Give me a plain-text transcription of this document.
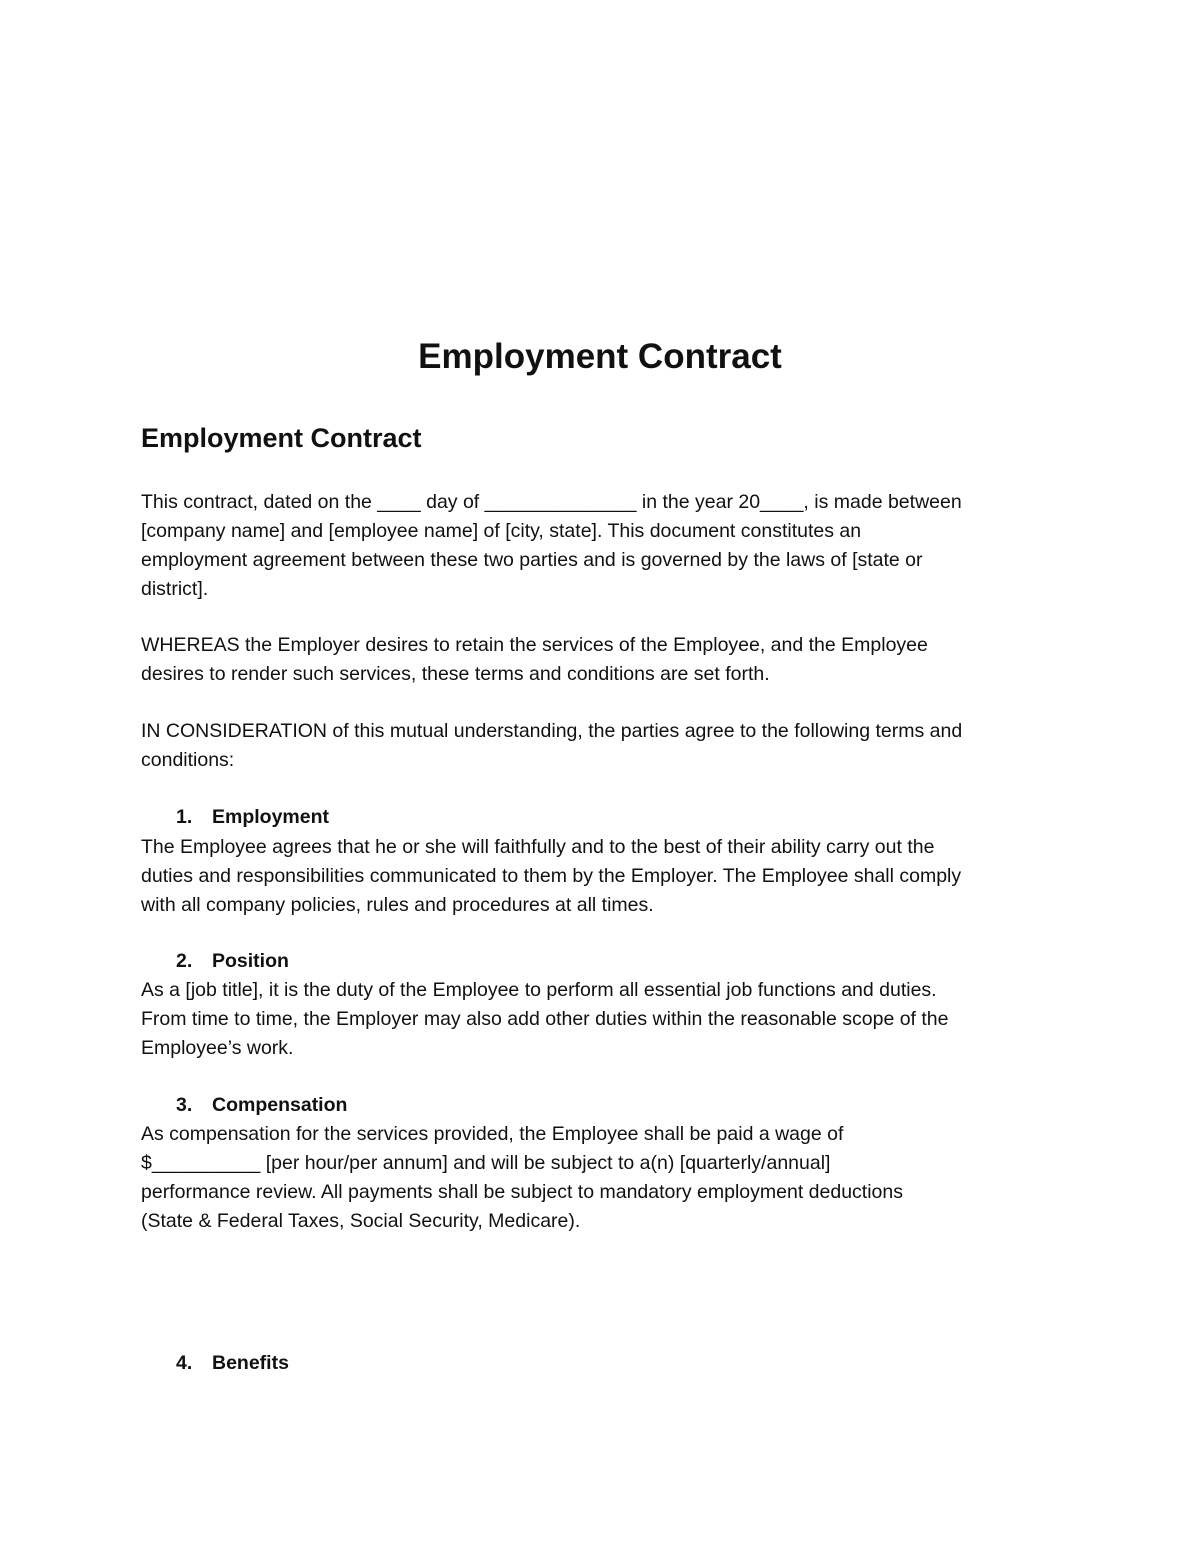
Employment Contract
Employment Contract

This contract, dated on the ____ day of ______________ in the year 20____, is made between
[company name] and [employee name] of [city, state]. This document constitutes an
employment agreement between these two parties and is governed by the laws of [state or
district].

WHEREAS the Employer desires to retain the services of the Employee, and the Employee
desires to render such services, these terms and conditions are set forth.

IN CONSIDERATION of this mutual understanding, the parties agree to the following terms and
conditions:

1. Employment

The Employee agrees that he or she will faithfully and to the best of their ability carry out the
duties and responsibilities communicated to them by the Employer. The Employee shall comply
with all company policies, rules and procedures at all times.

2. Position

As a [job title], it is the duty of the Employee to perform all essential job functions and duties.
From time to time, the Employer may also add other duties within the reasonable scope of the
Employee’s work.

3. Compensation

As compensation for the services provided, the Employee shall be paid a wage of
$__________ [per hour/per annum] and will be subject to a(n) [quarterly/annual]
performance review. All payments shall be subject to mandatory employment deductions
(State & Federal Taxes, Social Security, Medicare).

4. Benefits
